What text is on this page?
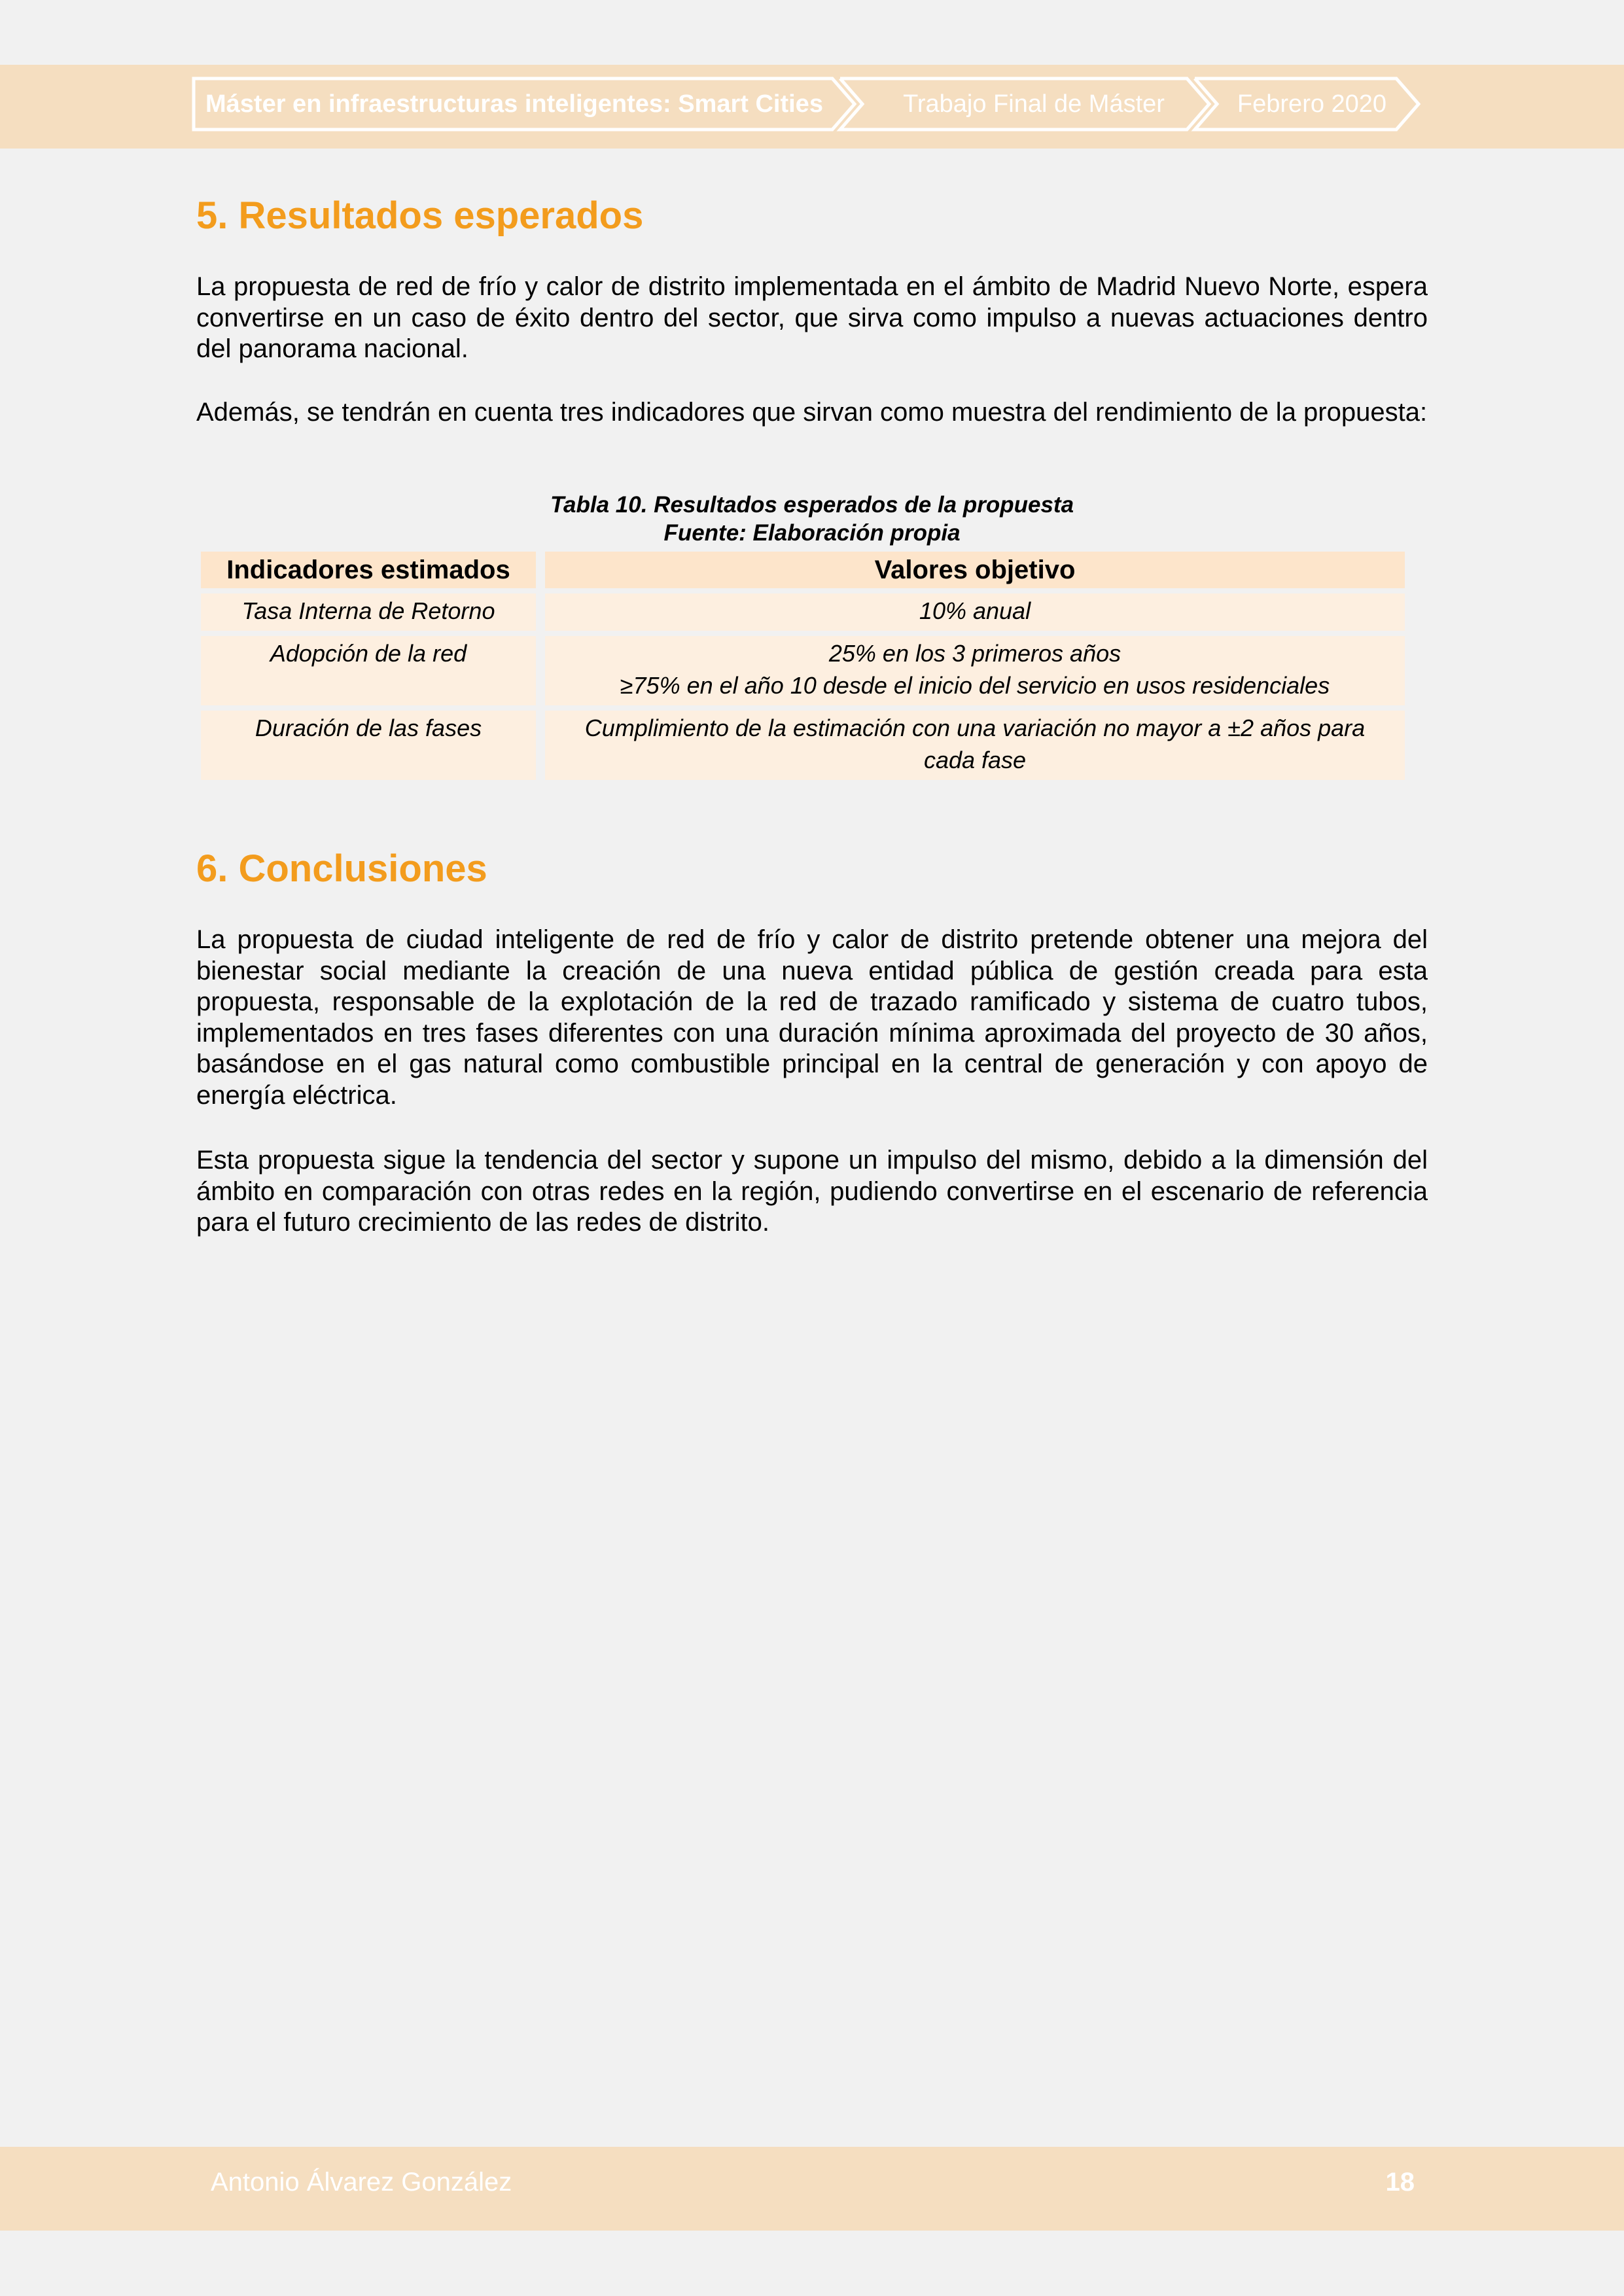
Máster en infraestructuras inteligentes: Smart Cities	Trabajo Final de Máster	Febrero 2020
5. Resultados esperados

La propuesta de red de frío y calor de distrito implementada en el ámbito de Madrid Nuevo Norte, espera convertirse en un caso de éxito dentro del sector, que sirva como impulso a nuevas actuaciones dentro del panorama nacional.

Además, se tendrán en cuenta tres indicadores que sirvan como muestra del rendimiento de la propuesta:

Tabla 10. Resultados esperados de la propuesta
Fuente: Elaboración propia
Indicadores estimados	Valores objetivo
Tasa Interna de Retorno	10% anual
Adopción de la red	25% en los 3 primeros años
≥75% en el año 10 desde el inicio del servicio en usos residenciales

Duración de las fases	Cumplimiento de la estimación con una variación no mayor a ±2 años para cada fase
6. Conclusiones

La propuesta de ciudad inteligente de red de frío y calor de distrito pretende obtener una mejora del bienestar social mediante la creación de una nueva entidad pública de gestión creada para esta propuesta, responsable de la explotación de la red de trazado ramificado y sistema de cuatro tubos, implementados en tres fases diferentes con una duración mínima aproximada del proyecto de 30 años, basándose en el gas natural como combustible principal en la central de generación y con apoyo de energía eléctrica.

Esta propuesta sigue la tendencia del sector y supone un impulso del mismo, debido a la dimensión del ámbito en comparación con otras redes en la región, pudiendo convertirse en el escenario de referencia para el futuro crecimiento de las redes de distrito.

Antonio Álvarez González	18
